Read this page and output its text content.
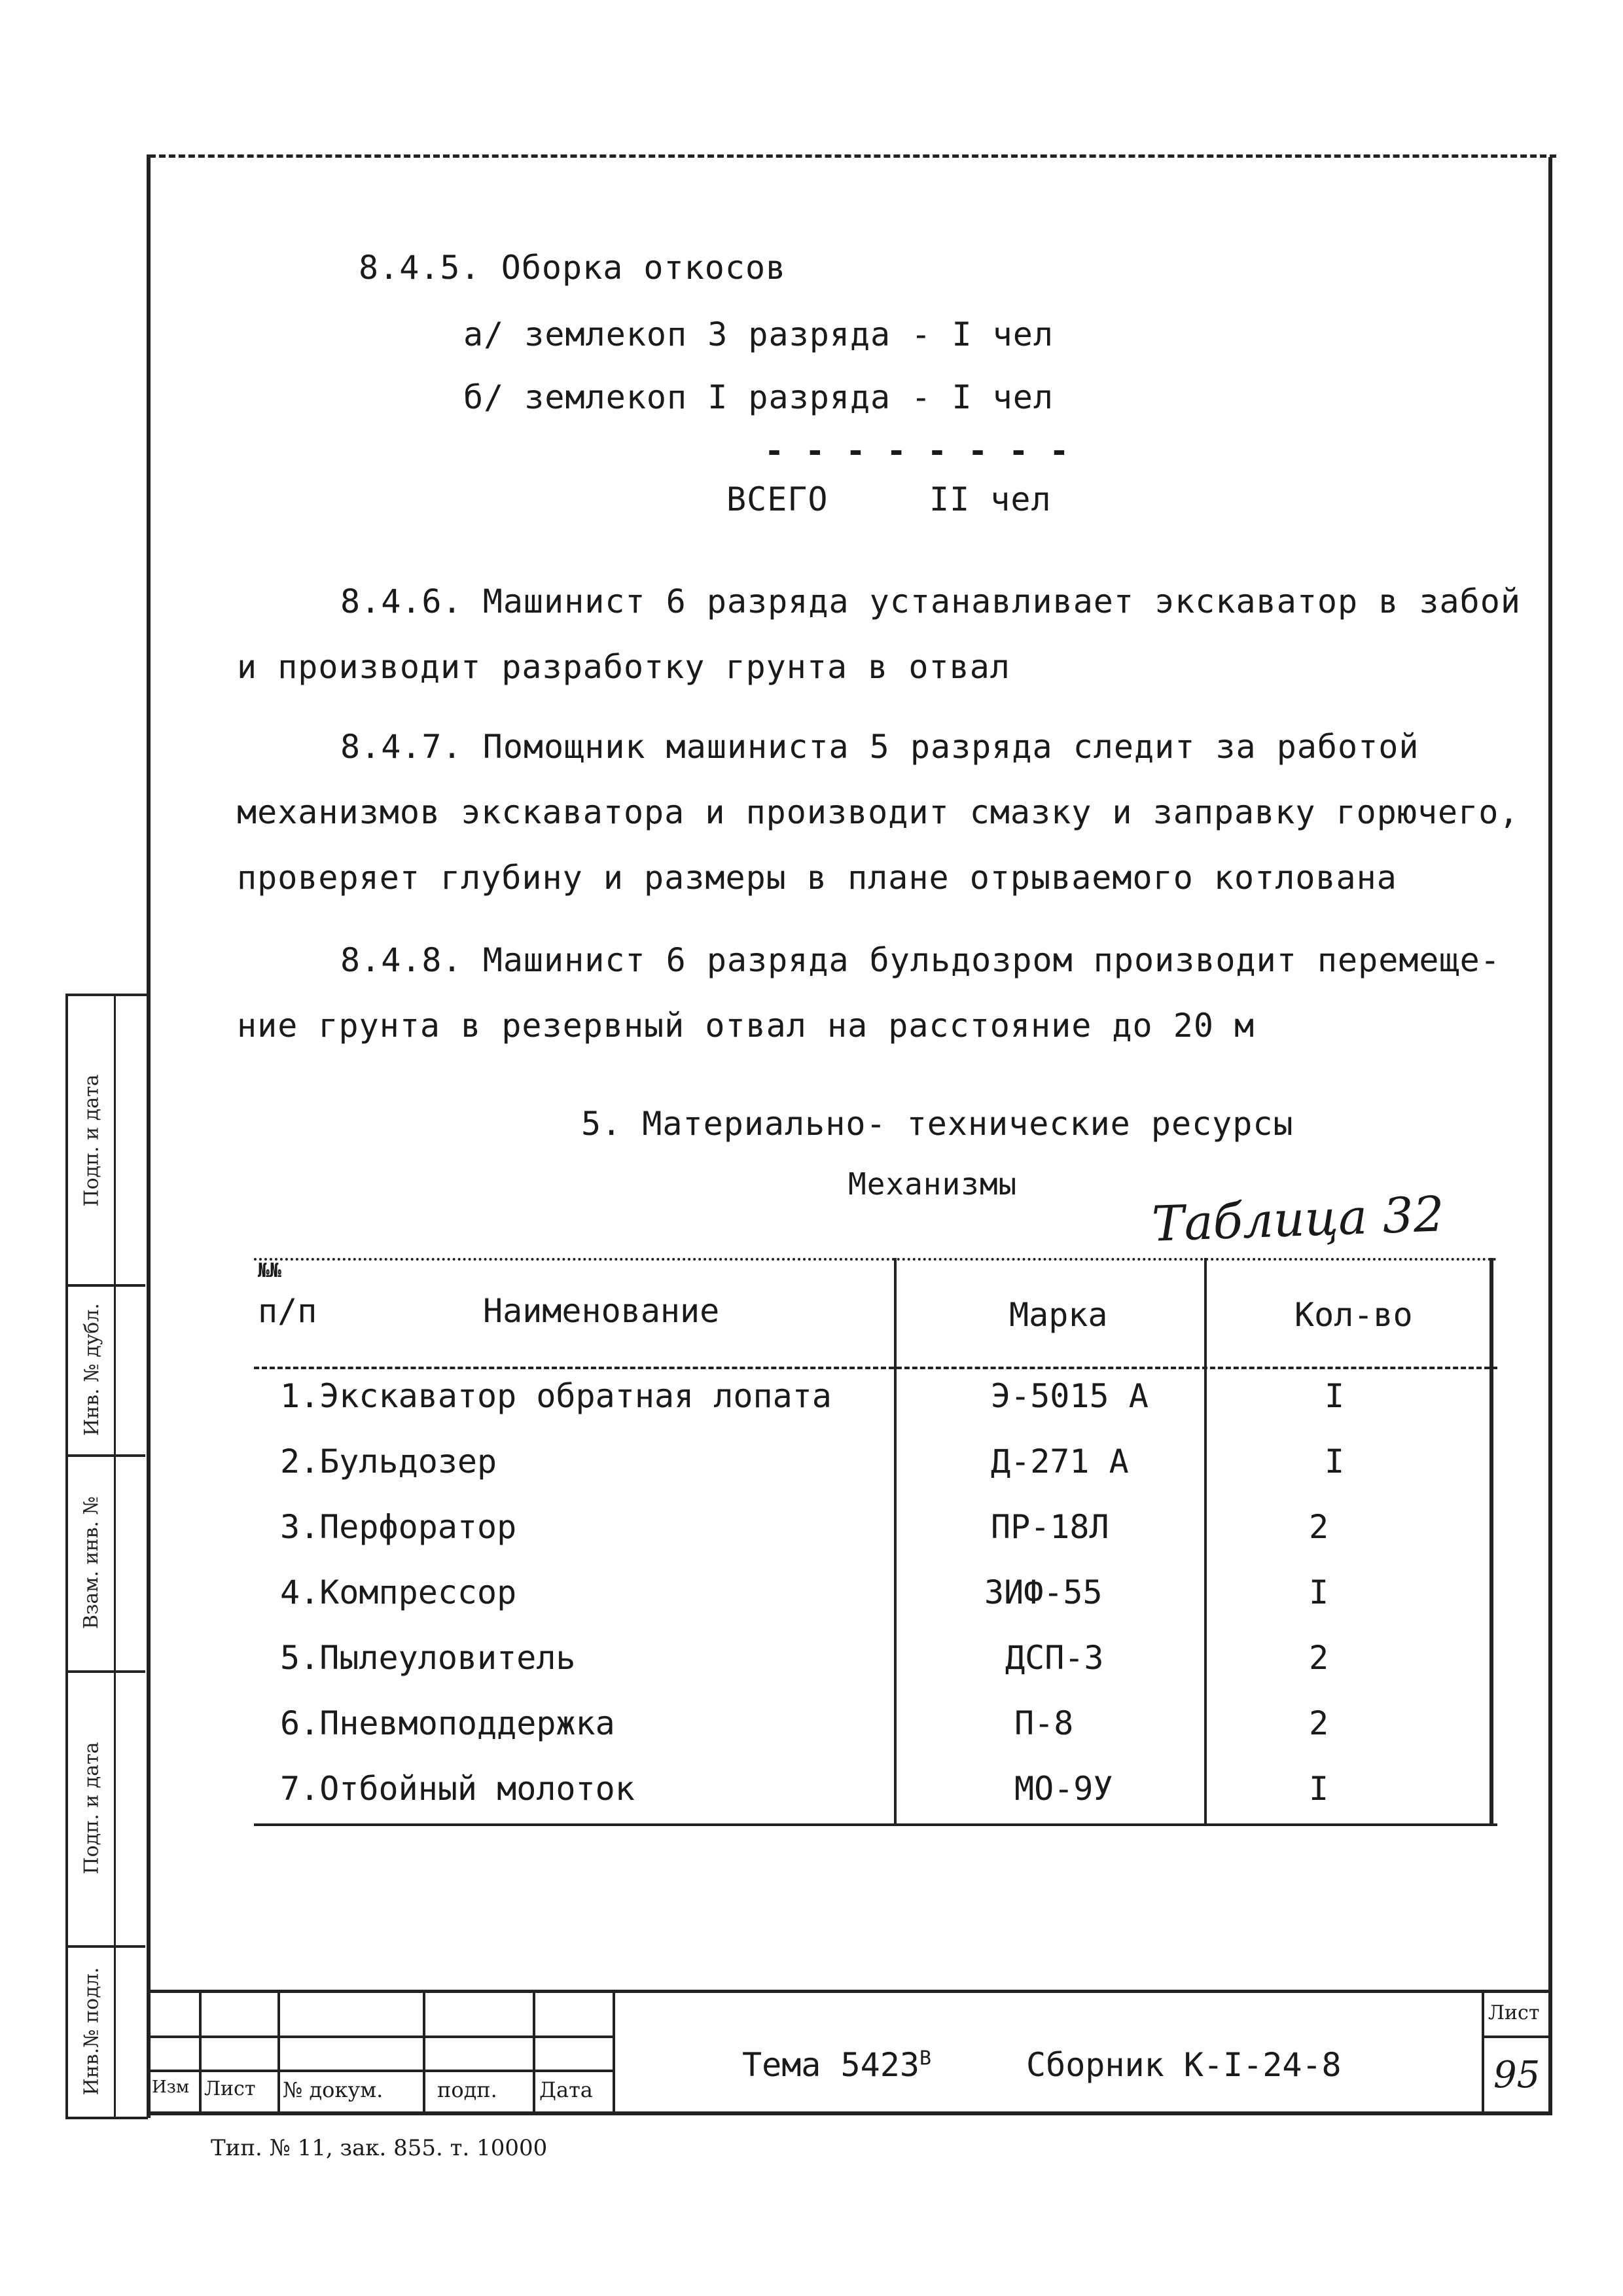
8.4.5. Оборка откосов
а/ землекоп 3 разряда - I чел
б/ землекоп I разряда - I чел
- - - - - - - -
ВСЕГО	II чел
8.4.6. Машинист 6 разряда устанавливает экскаватор в забой
и производит разработку грунта в отвал
8.4.7. Помощник машиниста 5 разряда следит за работой
механизмов экскаватора и производит смазку и заправку горючего,
проверяет глубину и размеры в плане отрываемого котлована
8.4.8. Машинист 6 разряда бульдозром производит перемеще-
ние грунта в резервный отвал на расстояние до 20 м
5. Материально- технические ресурсы
Механизмы
Таблица 32
№№
п/п	Наименование	Марка	Кол-во
1.Экскаватор обратная лопата	Э-5015 А	I
2.Бульдозер	Д-271 А	I
3.Перфоратор	ПР-18Л	2
4.Компрессор	ЗИФ-55	I
5.Пылеуловитель	ДСП-3	2
6.Пневмоподдержка	П-8	2
7.Отбойный молоток	МО-9У	I
Подп. и дата
Инв. № дубл.
Взам. инв. №
Подп. и дата
Инв.№ подл.	Изм Лист № докум.	подп. Дата
Тема $5423^В$	Сборник К-I-24-8
Лист
95
Тип. № 11, зак. 855. т. 10000
